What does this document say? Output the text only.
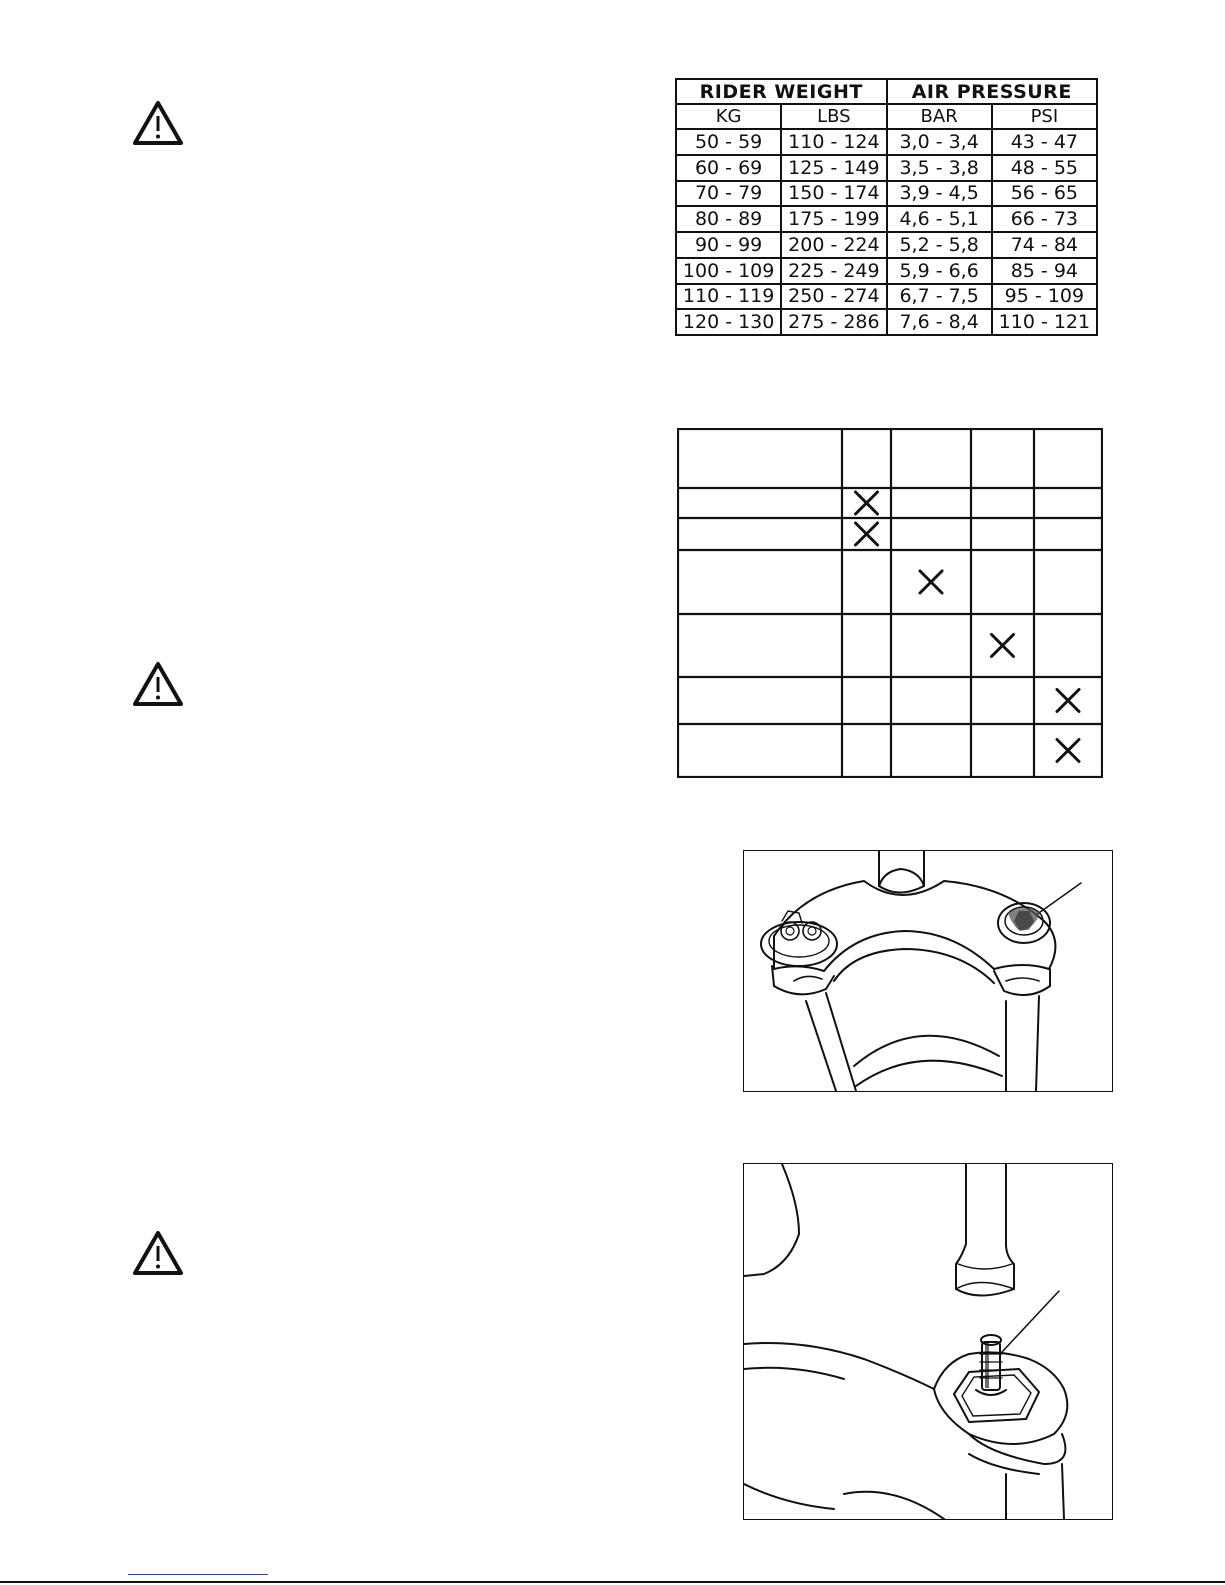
RIDER WEIGHT		AIR PRESSURE	
KG	LBS	BAR	PSI
50 - 59	110 - 124	3,0 - 3,4	43 - 47
60 - 69	125 - 149	3,5 - 3,8	48 - 55
70 - 79	150 - 174	3,9 - 4,5	56 - 65
80 - 89	175 - 199	4,6 - 5,1	66 - 73
90 - 99	200 - 224	5,2 - 5,8	74 - 84
100 - 109	225 - 249	5,9 - 6,6	85 - 94
110 - 119	250 - 274	6,7 - 7,5	95 - 109
120 - 130	275 - 286	7,6 - 8,4	110 - 121
